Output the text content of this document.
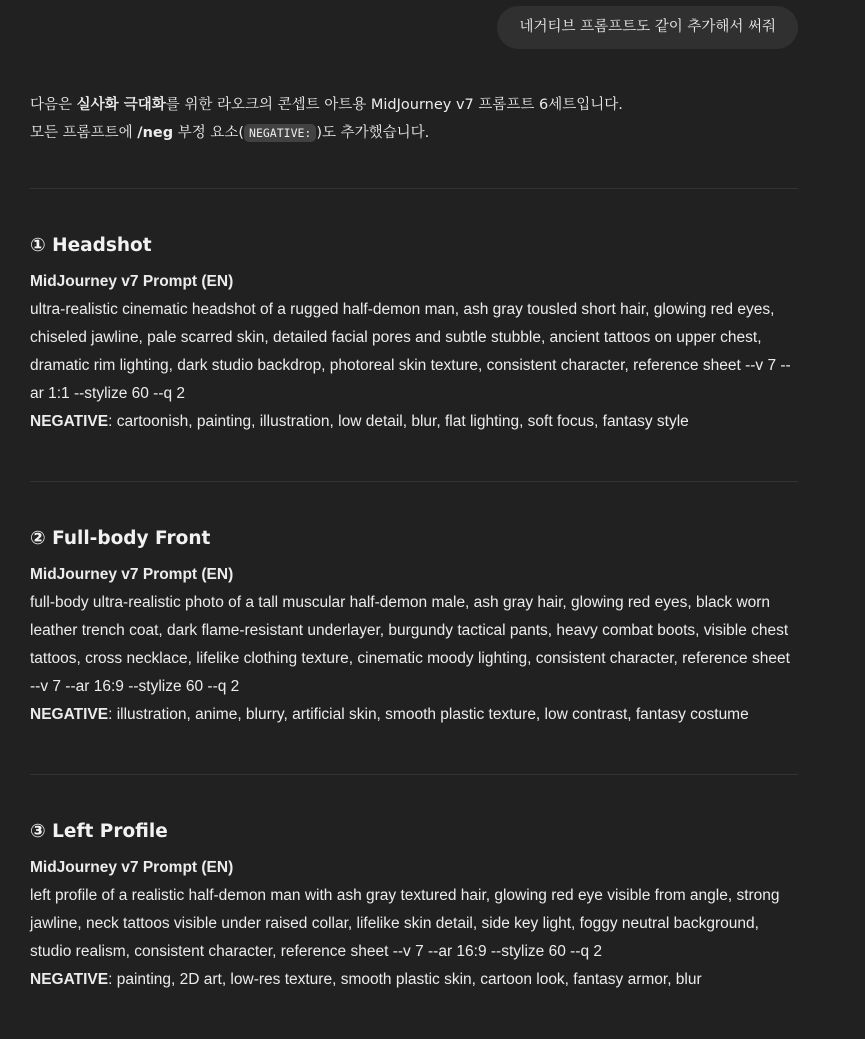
네거티브 프롬프트도 같이 추가해서 써줘

다음은 실사화 극대화를 위한 라오크의 콘셉트 아트용 MidJourney v7 프롬프트 6세트입니다.

모든 프롬프트에 /neg 부정 요소( NEGATIVE: )도 추가했습니다.

① Headshot

MidJourney v7 Prompt (EN)

ultra-realistic cinematic headshot of a rugged half-demon man, ash gray tousled short hair, glowing red eyes, chiseled jawline, pale scarred skin, detailed facial pores and subtle stubble, ancient tattoos on upper chest, dramatic rim lighting, dark studio backdrop, photoreal skin texture, consistent character, reference sheet --v 7 --ar 1:1 --stylize 60 --q 2

NEGATIVE: cartoonish, painting, illustration, low detail, blur, flat lighting, soft focus, fantasy style

② Full-body Front

MidJourney v7 Prompt (EN)

full-body ultra-realistic photo of a tall muscular half-demon male, ash gray hair, glowing red eyes, black worn leather trench coat, dark flame-resistant underlayer, burgundy tactical pants, heavy combat boots, visible chest tattoos, cross necklace, lifelike clothing texture, cinematic moody lighting, consistent character, reference sheet --v 7 --ar 16:9 --stylize 60 --q 2

NEGATIVE: illustration, anime, blurry, artificial skin, smooth plastic texture, low contrast, fantasy costume

③ Left Profile

MidJourney v7 Prompt (EN)

left profile of a realistic half-demon man with ash gray textured hair, glowing red eye visible from angle, strong jawline, neck tattoos visible under raised collar, lifelike skin detail, side key light, foggy neutral background, studio realism, consistent character, reference sheet --v 7 --ar 16:9 --stylize 60 --q 2

NEGATIVE: painting, 2D art, low-res texture, smooth plastic skin, cartoon look, fantasy armor, blur
